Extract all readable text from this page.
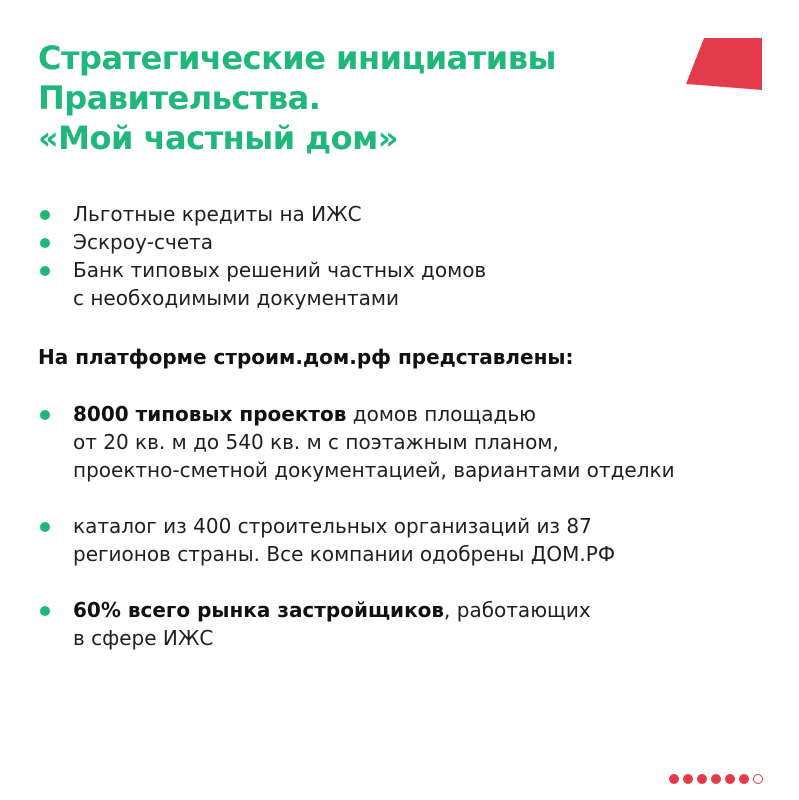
Стратегические инициативы
Правительства.
«Мой частный дом»
Льготные кредиты на ИЖС
Эскроу-счета
Банк типовых решений частных домов
с необходимыми документами
На платформе строим.дом.рф представлены:
8000 типовых проектов домов площадью
от 20 кв. м до 540 кв. м с поэтажным планом,
проектно-сметной документацией, вариантами отделки
каталог из 400 строительных организаций из 87
регионов страны. Все компании одобрены ДОМ.РФ
60% всего рынка застройщиков, работающих
в сфере ИЖС
